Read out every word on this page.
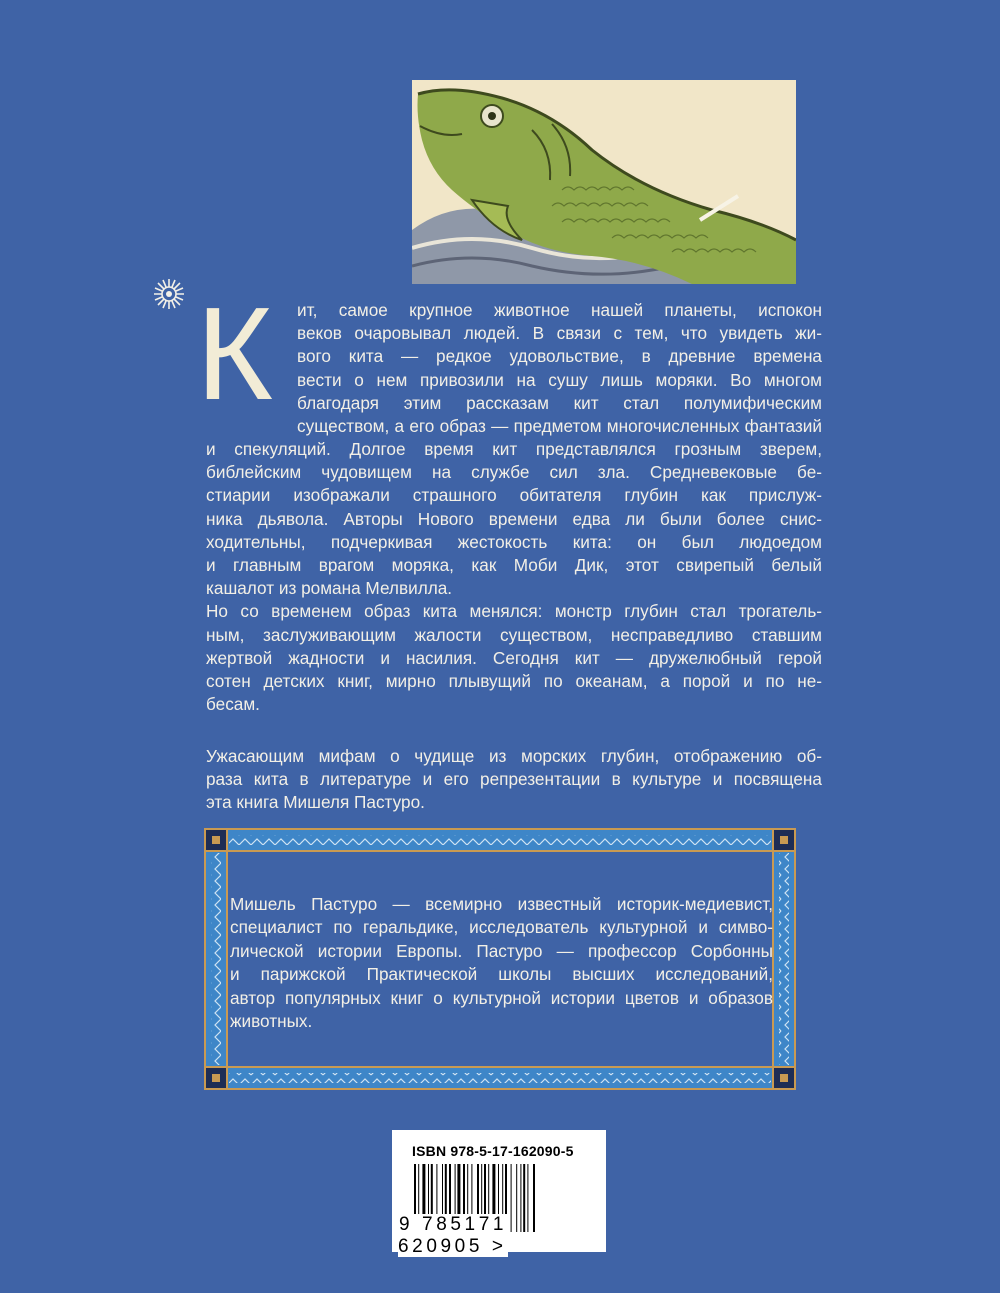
К ит, самое крупное животное нашей планеты, испокон
веков очаровывал людей. В связи с тем, что увидеть жи-
вого кита — редкое удовольствие, в древние времена
вести о нем привозили на сушу лишь моряки. Во многом
благодаря этим рассказам кит стал полумифическим
существом, а его образ — предметом многочисленных фантазий
и спекуляций. Долгое время кит представлялся грозным зверем,
библейским чудовищем на службе сил зла. Средневековые бе-
стиарии изображали страшного обитателя глубин как прислуж-
ника дьявола. Авторы Нового времени едва ли были более снис-
ходительны, подчеркивая жестокость кита: он был людоедом
и главным врагом моряка, как Моби Дик, этот свирепый белый
кашалот из романа Мелвилла.
Но со временем образ кита менялся: монстр глубин стал трогатель-
ным, заслуживающим жалости существом, несправедливо ставшим
жертвой жадности и насилия. Сегодня кит — дружелюбный герой
сотен детских книг, мирно плывущий по океанам, а порой и по не-
бесам.
Ужасающим мифам о чудище из морских глубин, отображению об-
раза кита в литературе и его репрезентации в культуре и посвящена
эта книга Мишеля Пастуро.
Мишель Пастуро — всемирно известный историк-медиевист,
специалист по геральдике, исследователь культурной и симво-
лической истории Европы. Пастуро — профессор Сорбонны
и парижской Практической школы высших исследований,
автор популярных книг о культурной истории цветов и образов
животных.
ISBN 978-5-17-162090-5
9 785171 620905 >
